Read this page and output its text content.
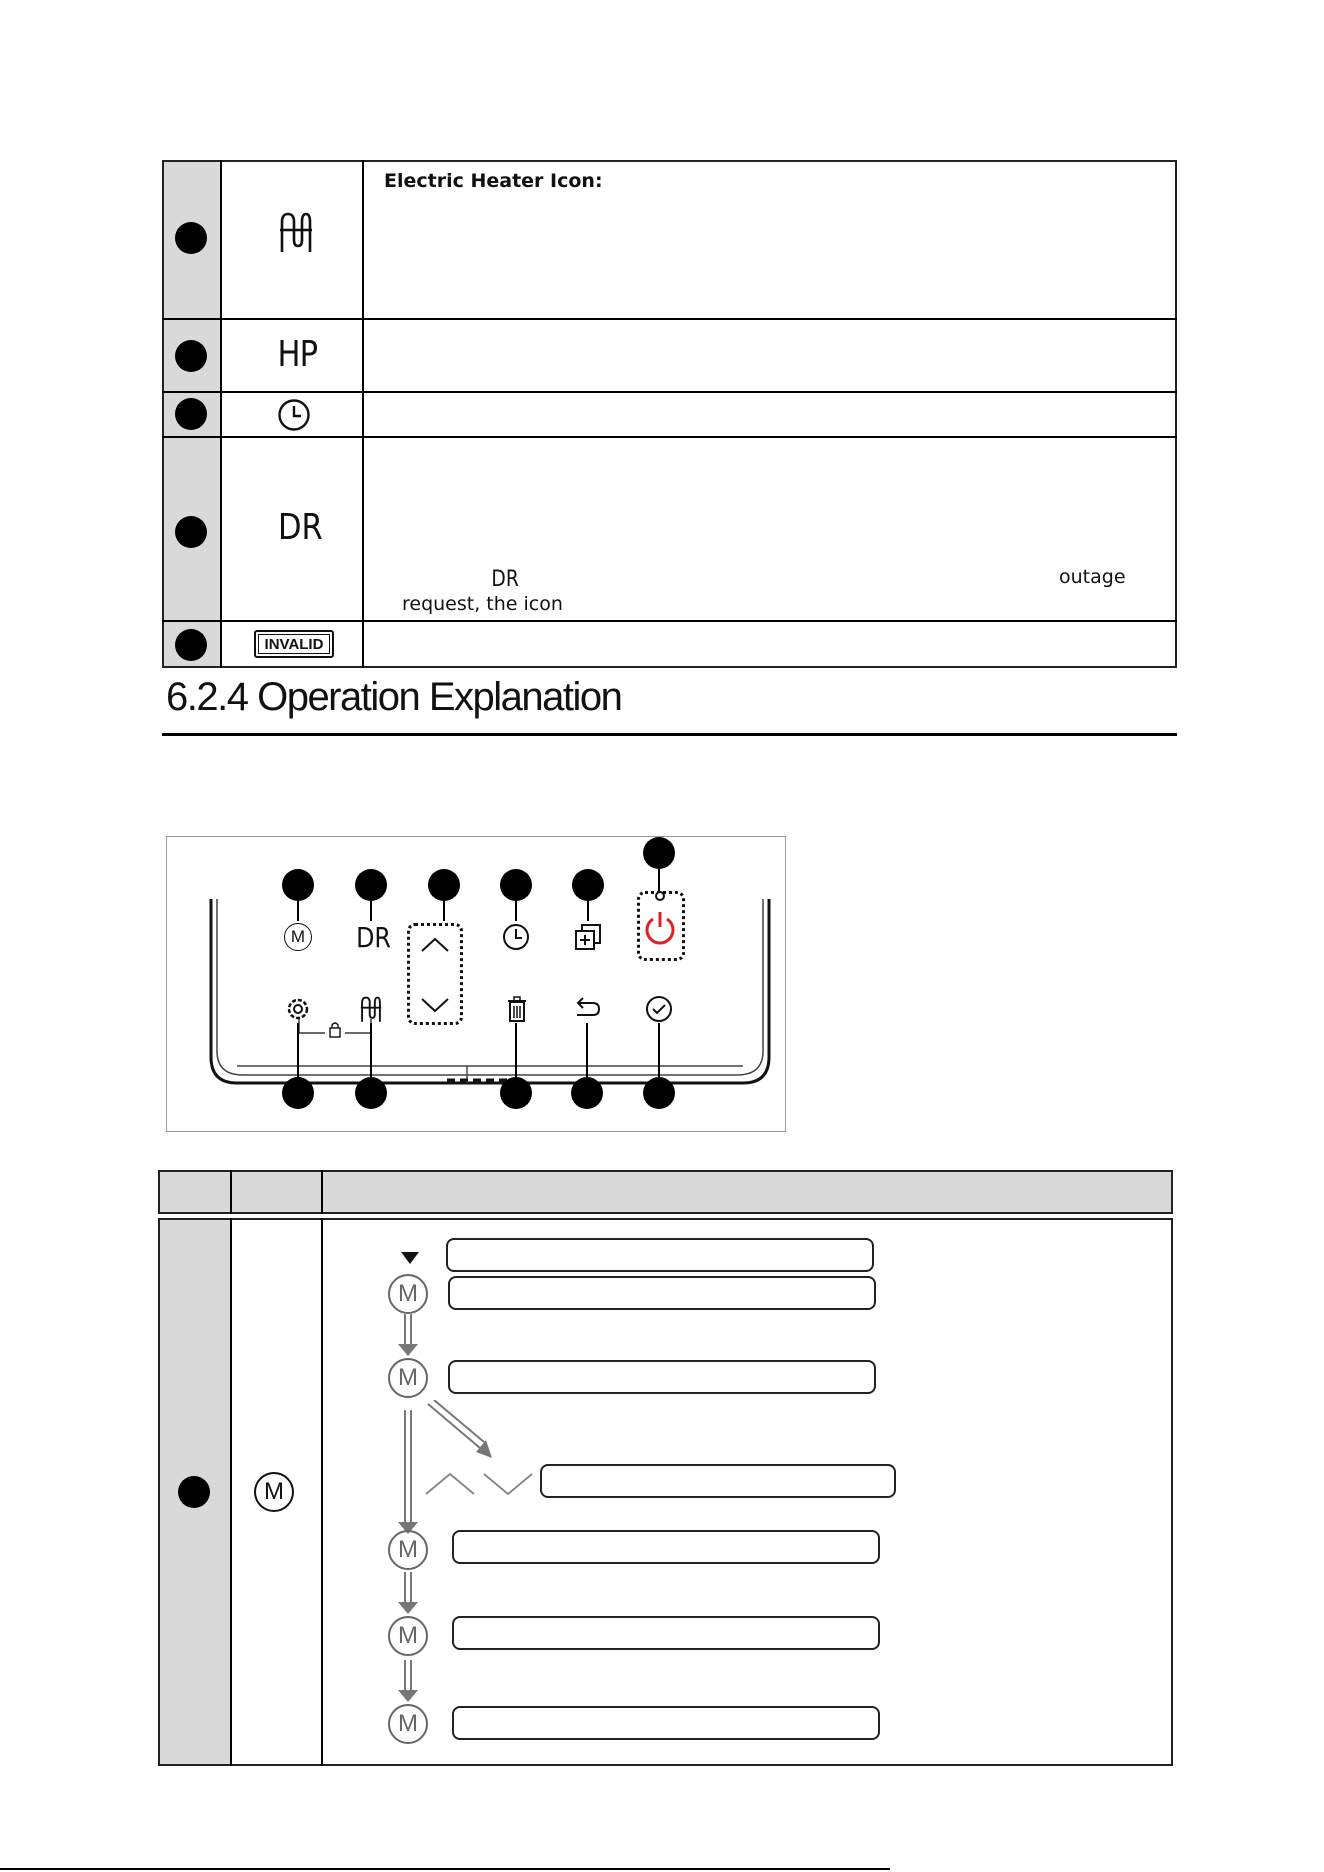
Electric Heater Icon:
HP
DR
DR	outage
request, the icon
INVALID
6.2.4 Operation Explanation
M DR
M
M
M
M
M
M
